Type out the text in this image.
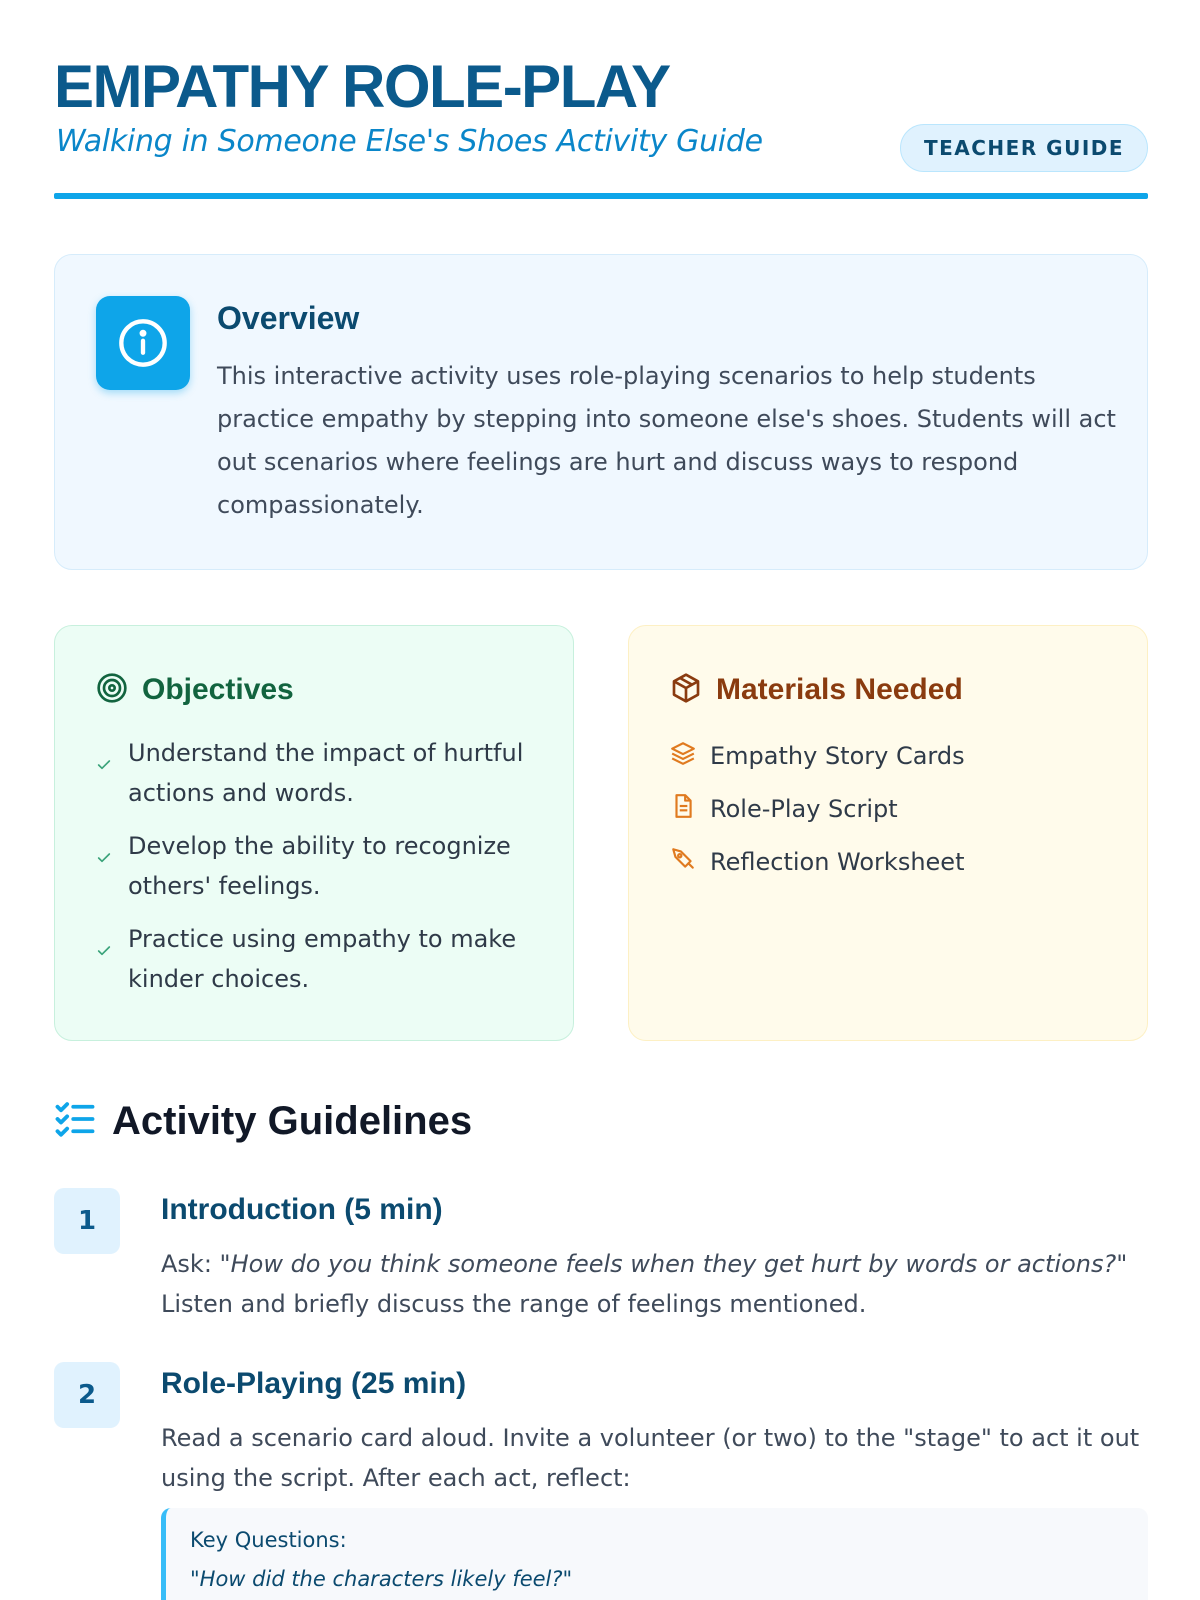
EMPATHY ROLE-PLAY
Walking in Someone Else's Shoes Activity Guide	TEACHER GUIDE
Overview

This interactive activity uses role-playing scenarios to help students practice empathy by stepping into someone else's shoes. Students will act out scenarios where feelings are hurt and discuss ways to respond compassionately.

Objectives
Understand the impact of hurtful actions and words.
Develop the ability to recognize others' feelings.
Practice using empathy to make kinder choices.
Materials Needed
Empathy Story Cards
Role-Play Script
Reflection Worksheet
Activity Guidelines
1	Introduction (5 min)

Ask: "How do you think someone feels when they get hurt by words or actions?" Listen and briefly discuss the range of feelings mentioned.

2	Role-Playing (25 min)

Read a scenario card aloud. Invite a volunteer (or two) to the "stage" to act it out using the script. After each act, reflect:

Key Questions:
"How did the characters likely feel?"
